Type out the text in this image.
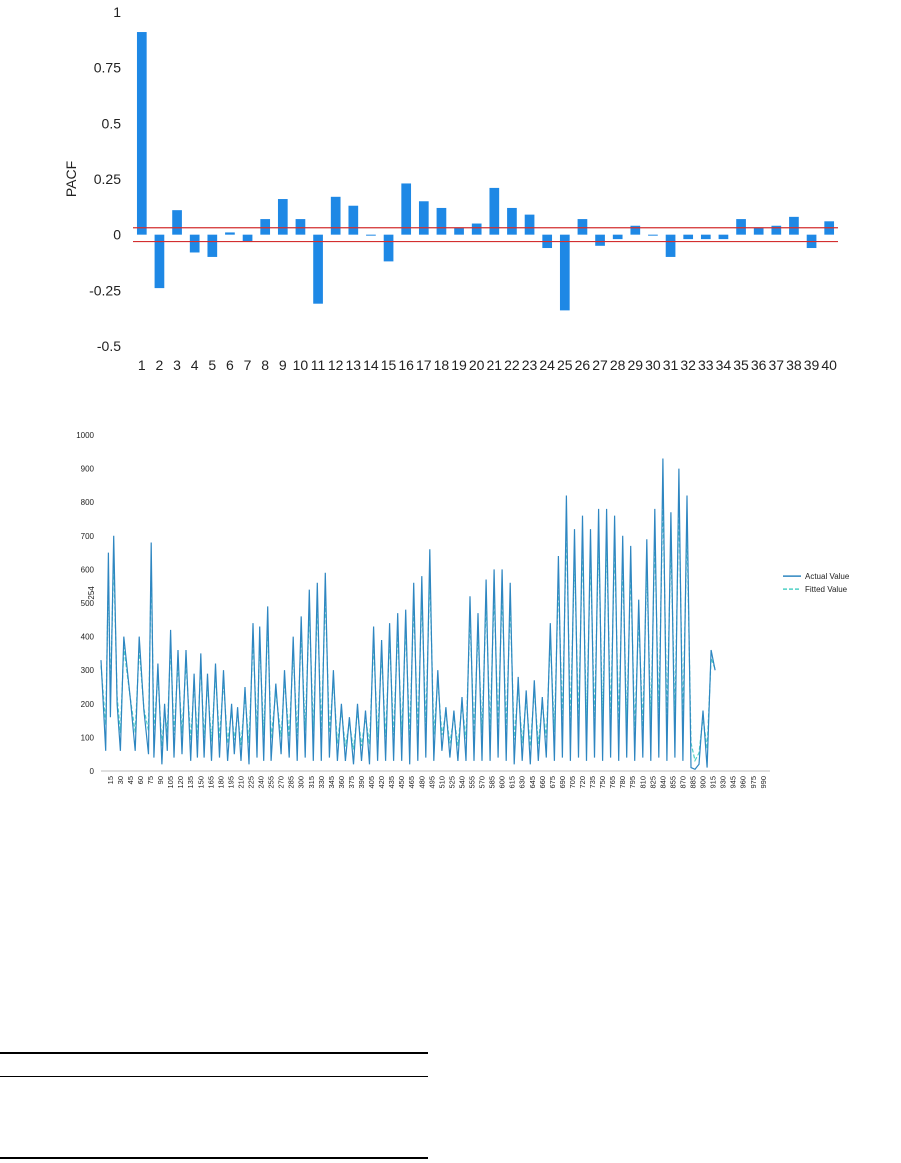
1
0.75
0.5
0.25
0
-0.25
-0.5
PACF
1 2 3 4 5 6 7 8 9 10 11 12 13 14 15 16 17 18 19 20 21 22 23 24 25 26 27 28 29 30 31 32 33 34 35 36 37 38 39 40
0
100
200
300
400
500
600
700
800
900
1000
254
15 30 45 60 75 90 105 120 135 150 165 180 195 210 225 240 255 270 285 300 315 330 345 360 375 390 405 420 435 450 465 480 495 510 525 540 555 570 585 600 615 630 645 660 675 690 705 720 735 750 765 780 795 810 825 840 855 870 885 900 915 930 945 960 975 990
Actual Value
Fitted Value
